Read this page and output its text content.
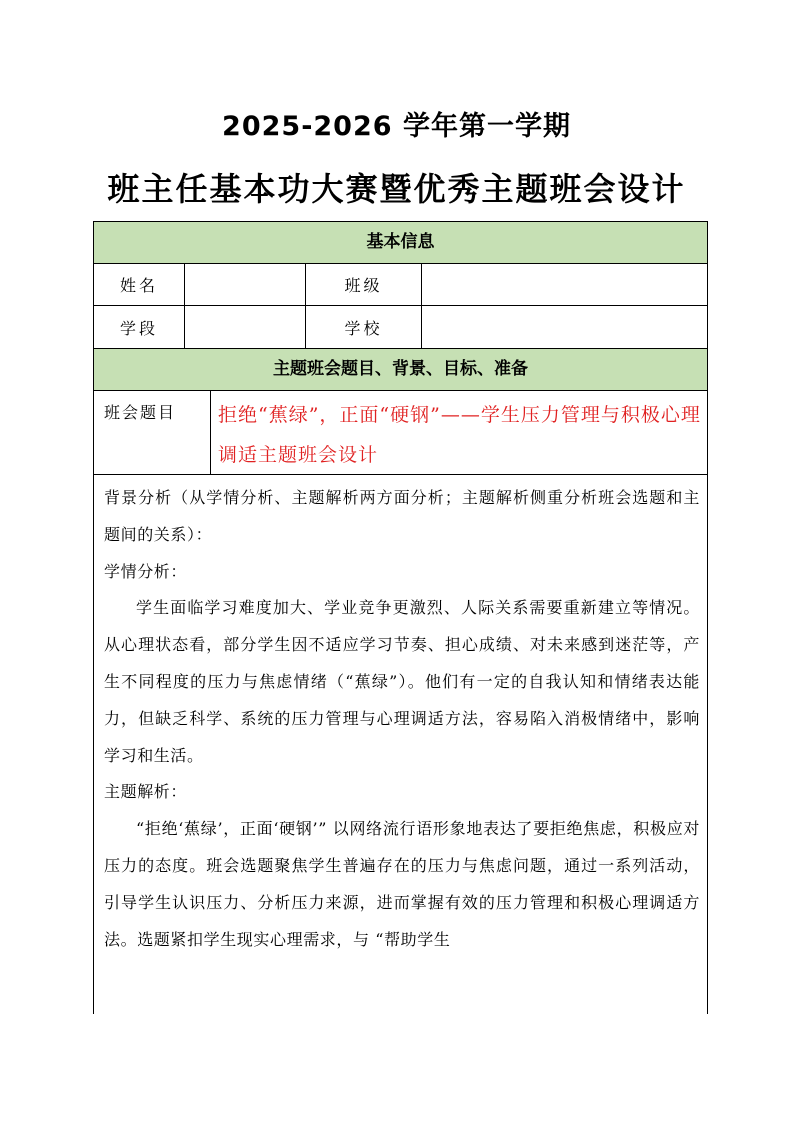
2025-2026 学年第一学期
班主任基本功大赛暨优秀主题班会设计
基本信息
姓名	班级
学段	学校
主题班会题目、背景、目标、准备
班会题目 拒绝“蕉绿”，正面“硬钢”——学生压力管理与积极心理调适主题班会设计

背景分析（从学情分析、主题解析两方面分析；主题解析侧重分析班会选题和主题间的关系）：

学情分析：

学生面临学习难度加大、学业竞争更激烈、人际关系需要重新建立等情况。从心理状态看，部分学生因不适应学习节奏、担心成绩、对未来感到迷茫等，产生不同程度的压力与焦虑情绪（“蕉绿”）。他们有一定的自我认知和情绪表达能力，但缺乏科学、系统的压力管理与心理调适方法，容易陷入消极情绪中，影响学习和生活。

主题解析：

“拒绝‘蕉绿’，正面‘硬钢’” 以网络流行语形象地表达了要拒绝焦虑，积极应对压力的态度。班会选题聚焦学生普遍存在的压力与焦虑问题，通过一系列活动，引导学生认识压力、分析压力来源，进而掌握有效的压力管理和积极心理调适方法。选题紧扣学生现实心理需求，与 “帮助学生
